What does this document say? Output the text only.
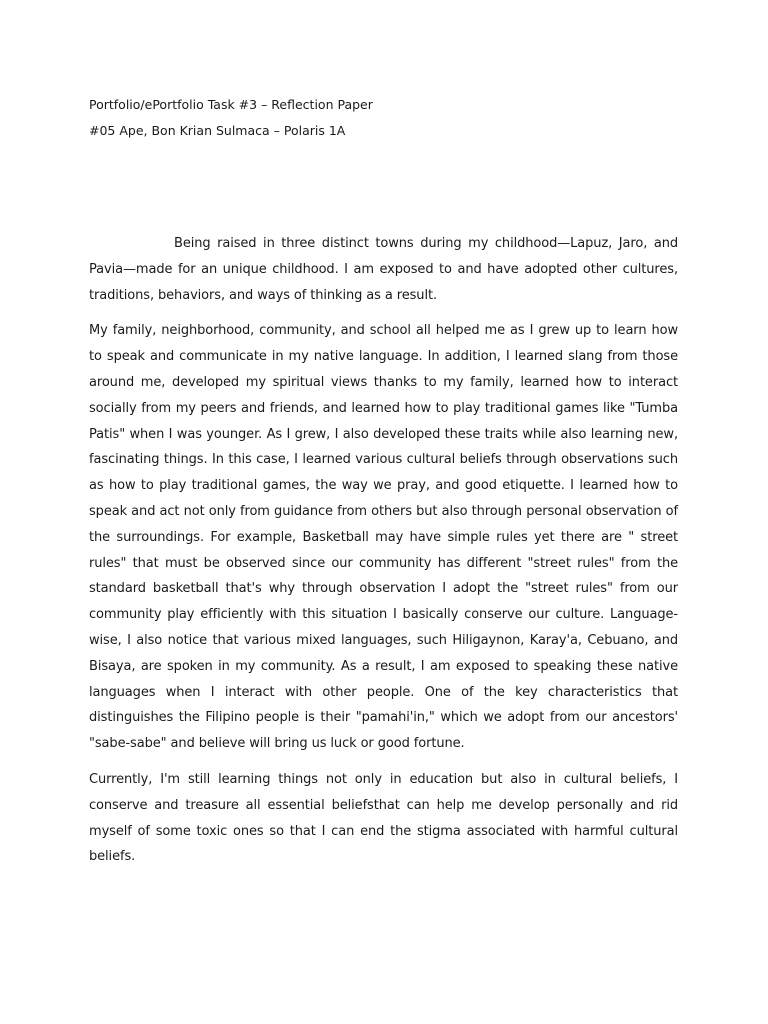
Portfolio/ePortfolio Task #3 – Reflection Paper
#05 Ape, Bon Krian Sulmaca – Polaris 1A

Being raised in three distinct towns during my childhood—Lapuz, Jaro, and Pavia—made for an unique childhood. I am exposed to and have adopted other cultures, traditions, behaviors, and ways of thinking as a result.

My family, neighborhood, community, and school all helped me as I grew up to learn how to speak and communicate in my native language. In addition, I learned slang from those around me, developed my spiritual views thanks to my family, learned how to interact socially from my peers and friends, and learned how to play traditional games like "Tumba Patis" when I was younger. As I grew, I also developed these traits while also learning new, fascinating things. In this case, I learned various cultural beliefs through observations such as how to play traditional games, the way we pray, and good etiquette. I learned how to speak and act not only from guidance from others but also through personal observation of the surroundings. For example, Basketball may have simple rules yet there are " street rules" that must be observed since our community has different "street rules" from the standard basketball that's why through observation I adopt the "street rules" from our community play efficiently with this situation I basically conserve our culture. Language-wise, I also notice that various mixed languages, such Hiligaynon, Karay'a, Cebuano, and Bisaya, are spoken in my community. As a result, I am exposed to speaking these native languages when I interact with other people. One of the key characteristics that distinguishes the Filipino people is their "pamahi'in," which we adopt from our ancestors' "sabe-sabe" and believe will bring us luck or good fortune.

Currently, I'm still learning things not only in education but also in cultural beliefs, I conserve and treasure all essential beliefsthat can help me develop personally and rid myself of some toxic ones so that I can end the stigma associated with harmful cultural beliefs.
